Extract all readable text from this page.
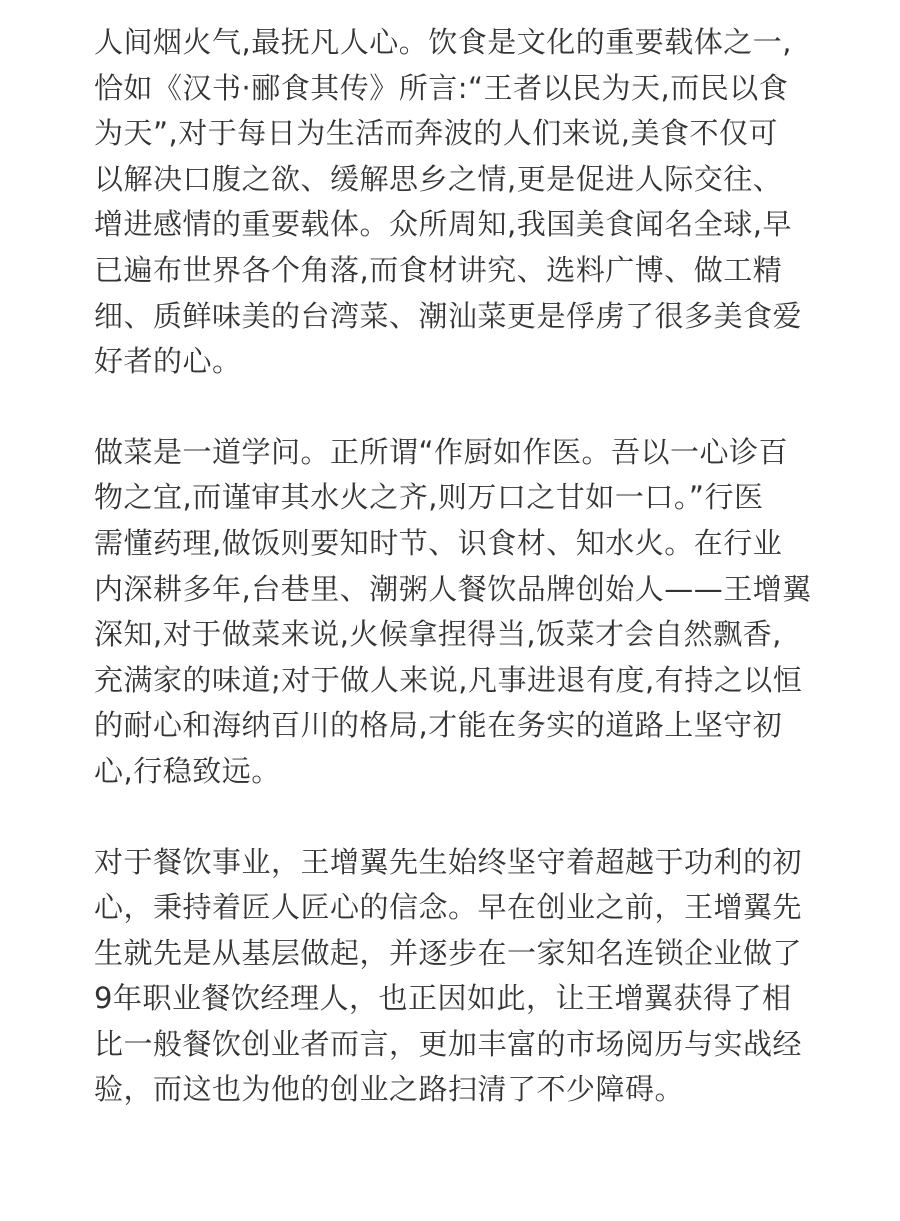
人间烟火气,最抚凡人心。饮食是文化的重要载体之一,
恰如《汉书·郦食其传》所言:“王者以民为天,而民以食
为天”,对于每日为生活而奔波的人们来说,美食不仅可
以解决口腹之欲、缓解思乡之情,更是促进人际交往、
增进感情的重要载体。众所周知,我国美食闻名全球,早
已遍布世界各个角落,而食材讲究、选料广博、做工精
细、质鲜味美的台湾菜、潮汕菜更是俘虏了很多美食爱
好者的心。

做菜是一道学问。正所谓“作厨如作医。吾以一心诊百
物之宜,而谨审其水火之齐,则万口之甘如一口。”行医
需懂药理,做饭则要知时节、识食材、知水火。在行业
内深耕多年,台巷里、潮粥人餐饮品牌创始人——王增翼
深知,对于做菜来说,火候拿捏得当,饭菜才会自然飘香,
充满家的味道;对于做人来说,凡事进退有度,有持之以恒
的耐心和海纳百川的格局,才能在务实的道路上坚守初
心,行稳致远。

对于餐饮事业，王增翼先生始终坚守着超越于功利的初
心，秉持着匠人匠心的信念。早在创业之前，王增翼先
生就先是从基层做起，并逐步在一家知名连锁企业做了
9年职业餐饮经理人，也正因如此，让王增翼获得了相
比一般餐饮创业者而言，更加丰富的市场阅历与实战经
验，而这也为他的创业之路扫清了不少障碍。
